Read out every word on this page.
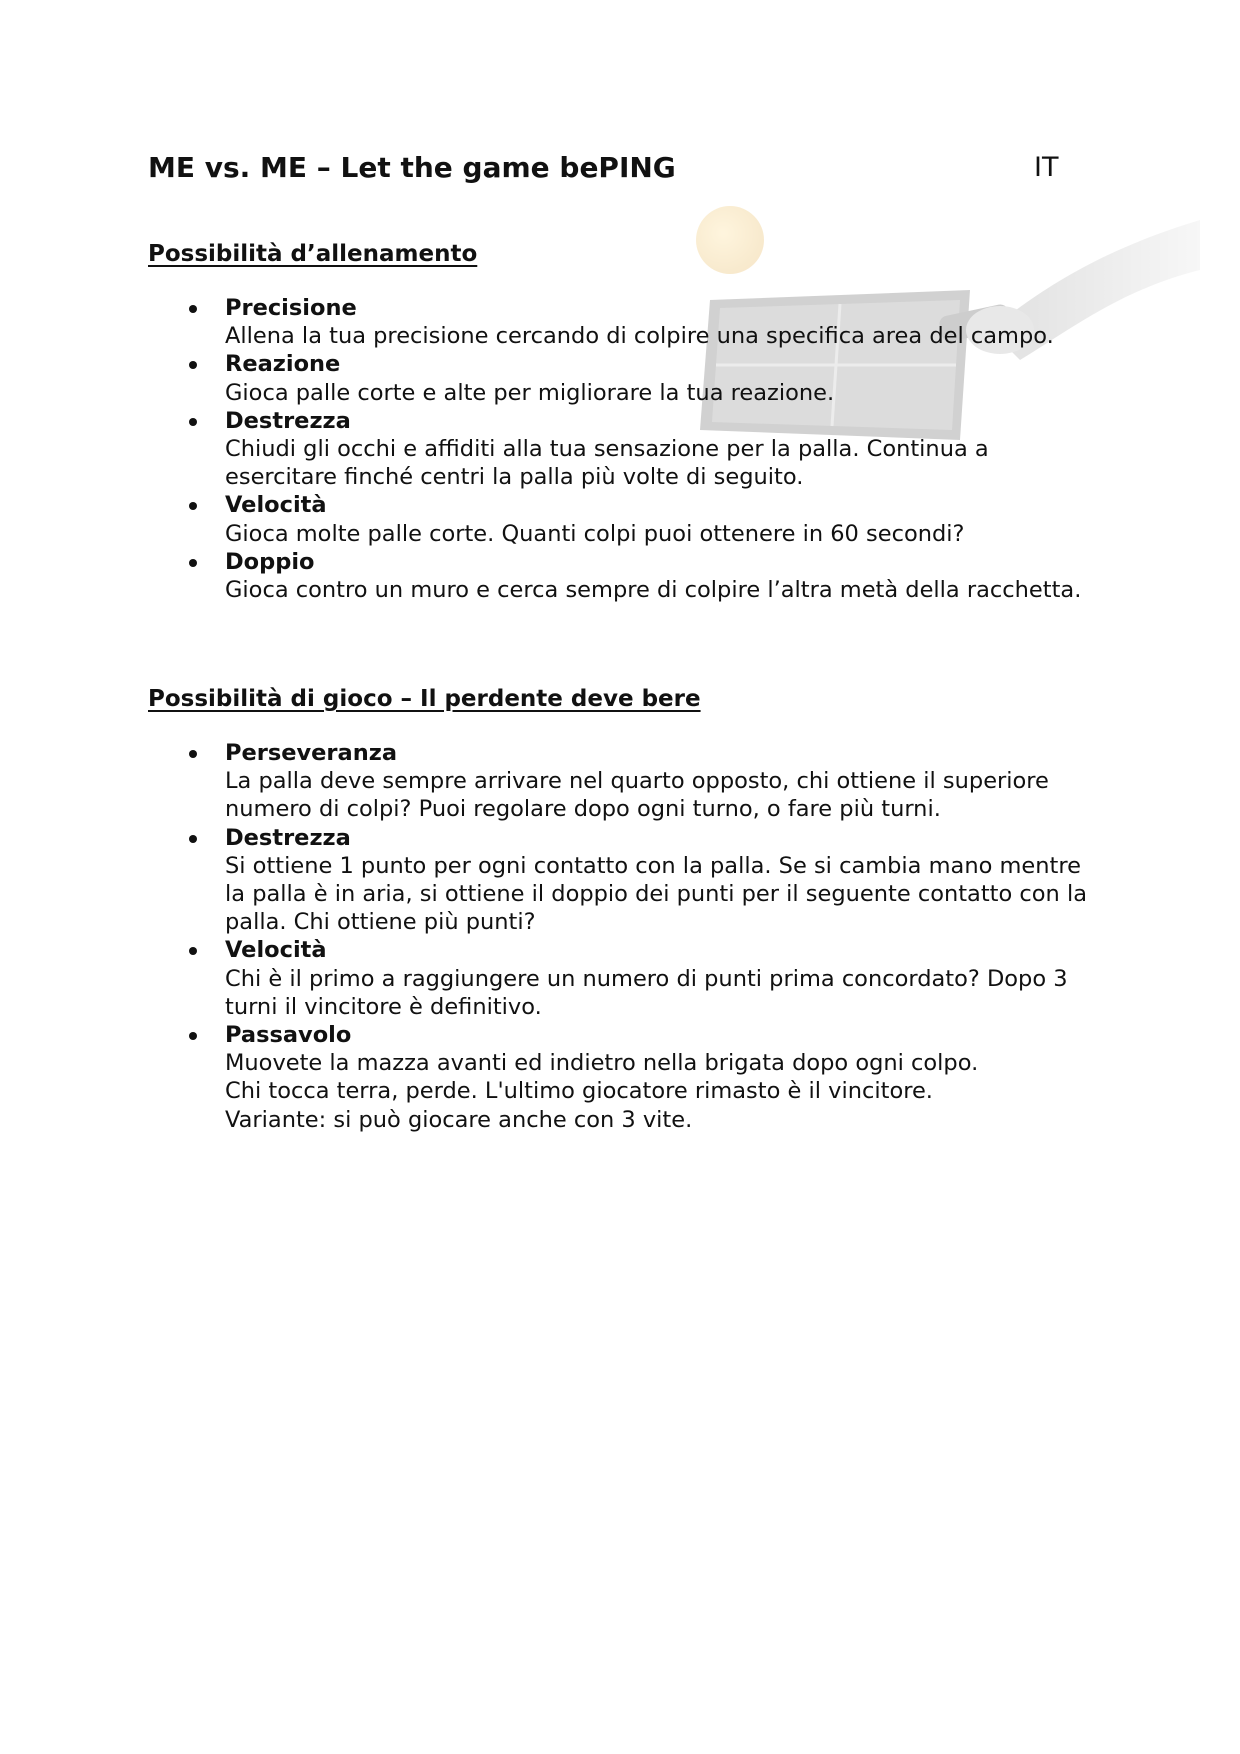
ME vs. ME – Let the game bePING	IT
Possibilità d’allenamento
Precisione
Allena la tua precisione cercando di colpire una specifica area del campo.
Reazione
Gioca palle corte e alte per migliorare la tua reazione.
Destrezza
Chiudi gli occhi e affiditi alla tua sensazione per la palla. Continua a
esercitare finché centri la palla più volte di seguito.
Velocità
Gioca molte palle corte. Quanti colpi puoi ottenere in 60 secondi?
Doppio
Gioca contro un muro e cerca sempre di colpire l’altra metà della racchetta.
Possibilità di gioco – Il perdente deve bere
Perseveranza
La palla deve sempre arrivare nel quarto opposto, chi ottiene il superiore
numero di colpi? Puoi regolare dopo ogni turno, o fare più turni.
Destrezza
Si ottiene 1 punto per ogni contatto con la palla. Se si cambia mano mentre
la palla è in aria, si ottiene il doppio dei punti per il seguente contatto con la
palla. Chi ottiene più punti?
Velocità
Chi è il primo a raggiungere un numero di punti prima concordato? Dopo 3
turni il vincitore è definitivo.
Passavolo
Muovete la mazza avanti ed indietro nella brigata dopo ogni colpo.
Chi tocca terra, perde. L'ultimo giocatore rimasto è il vincitore.
Variante: si può giocare anche con 3 vite.
